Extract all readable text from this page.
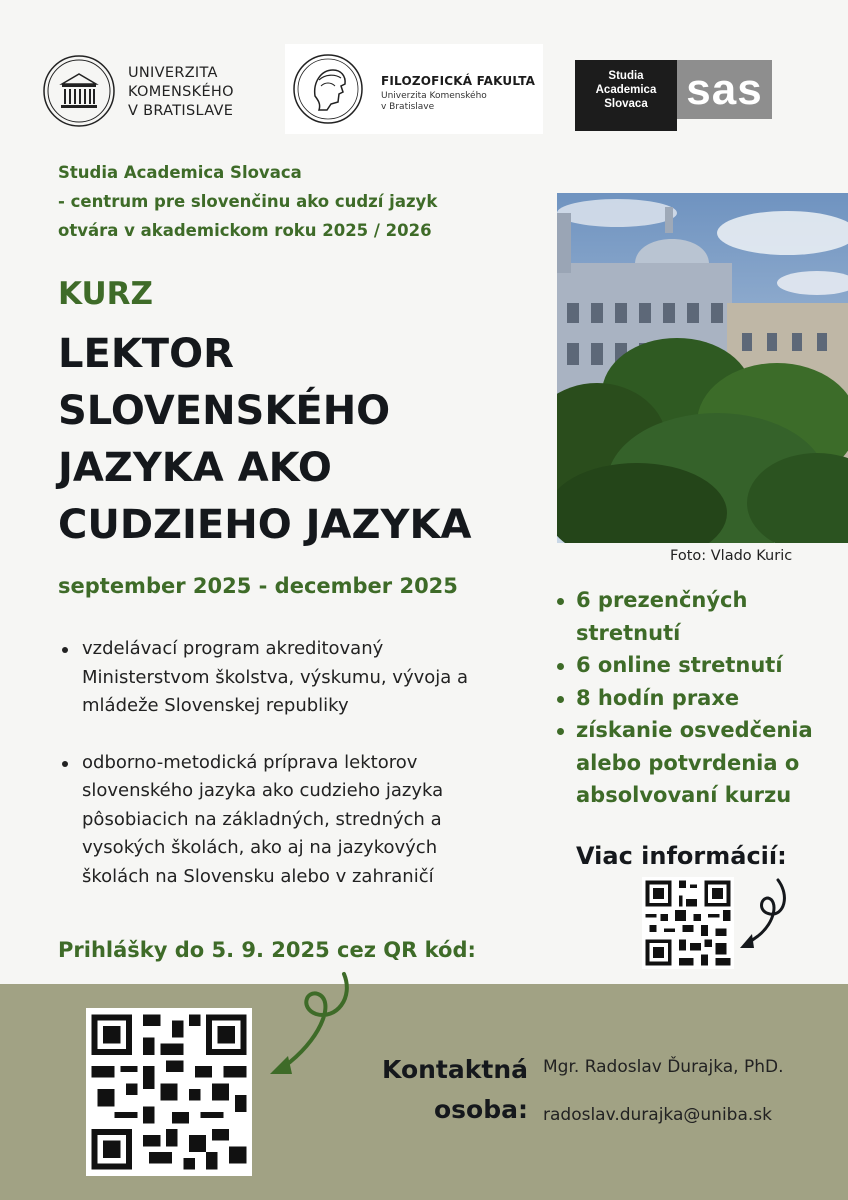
UNIVERZITA
KOMENSKÉHO
V BRATISLAVE
FILOZOFICKÁ FAKULTA
Univerzita Komenského
v Bratislave
Studia
Academica
Slovaca sas
Studia Academica Slovaca
- centrum pre slovenčinu ako cudzí jazyk
otvára v akademickom roku 2025 / 2026
KURZ
LEKTOR
SLOVENSKÉHO
JAZYKA AKO
CUDZIEHO JAZYKA
september 2025 - december 2025
vzdelávací program akreditovaný Ministerstvom školstva, výskumu, vývoja a mládeže Slovenskej republiky
odborno-metodická príprava lektorov slovenského jazyka ako cudzieho jazyka pôsobiacich na základných, stredných a vysokých školách, ako aj na jazykových školách na Slovensku alebo v zahraničí
Prihlášky do 5. 9. 2025 cez QR kód:
Foto: Vlado Kuric
6 prezenčných stretnutí
6 online stretnutí
8 hodín praxe
získanie osvedčenia alebo potvrdenia o absolvovaní kurzu
Viac informácií:
Kontaktná
osoba:
Mgr. Radoslav Ďurajka, PhD.
radoslav.durajka@uniba.sk
